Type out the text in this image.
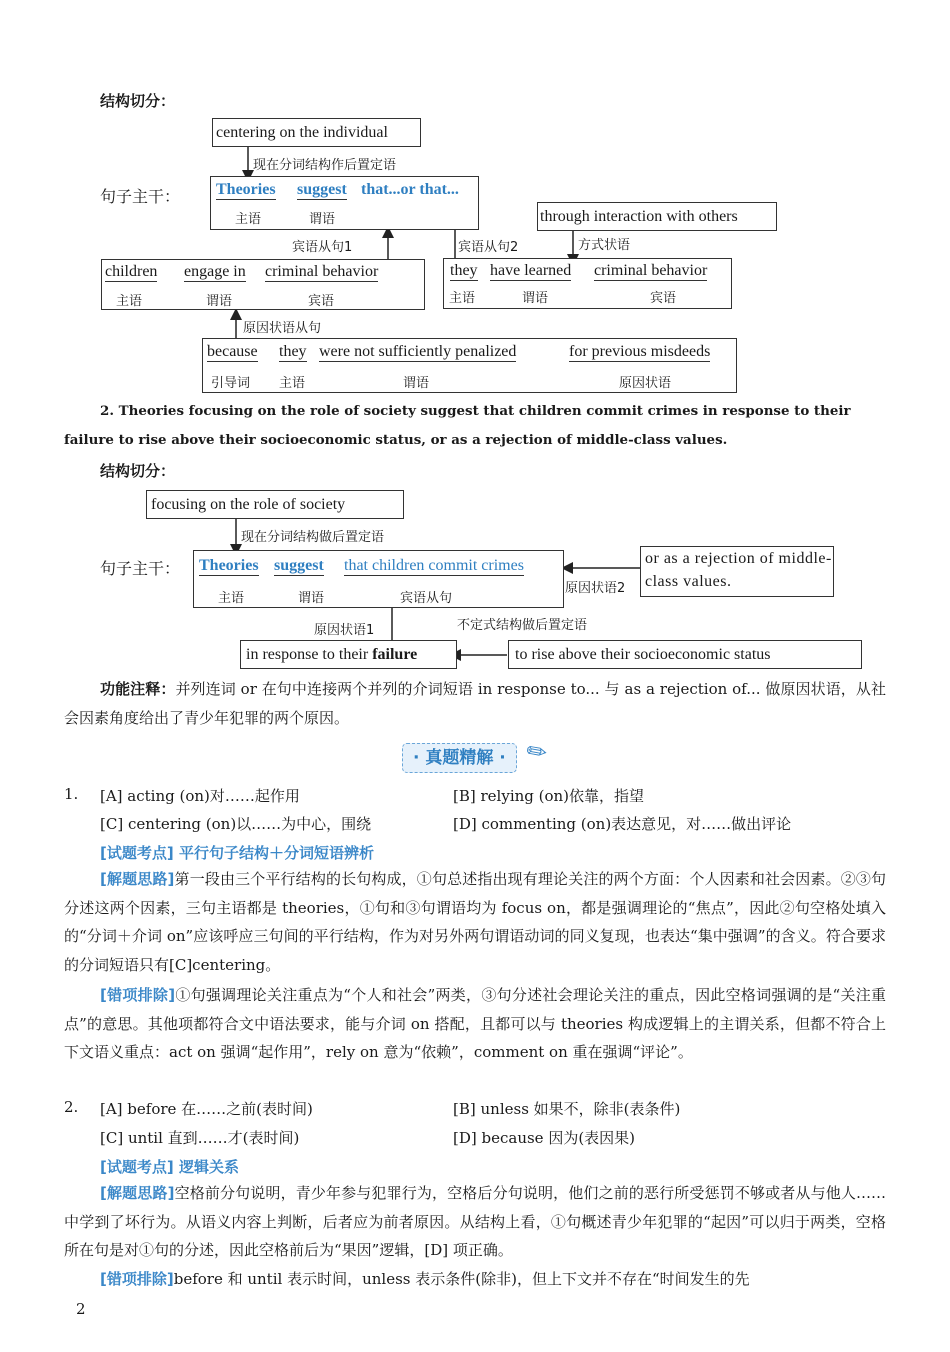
结构切分：
centering on the individual
现在分词结构作后置定语
句子主干： Theories suggest that...or that...
主语	谓语	through interaction with others
宾语从句1	宾语从句2	方式状语
children engage in criminal behavior
主语	谓语	宾语
they have learned criminal behavior
主语	谓语	宾语
原因状语从句
because they were not sufficiently penalized	for previous misdeeds
引导词 主语	谓语	原因状语
2. Theories focusing on the role of society suggest that children commit crimes in response to their
failure to rise above their socioeconomic status, or as a rejection of middle-class values.
结构切分：
focusing on the role of society
现在分词结构做后置定语
句子主干： Theories suggest that children commit crimes
主语	谓语	宾语从句
原因状语2
or as a rejection of middle-class values.
原因状语1	不定式结构做后置定语
in response to their failure	to rise above their socioeconomic status
功能注释：并列连词 or 在句中连接两个并列的介词短语 in response to... 与 as a rejection of... 做原因状语，从社会因素角度给出了青少年犯罪的两个原因。
· 真题精解 · ✎
1. [A] acting (on)对……起作用	[B] relying (on)依靠，指望
[C] centering (on)以……为中心，围绕	[D] commenting (on)表达意见，对……做出评论
[试题考点] 平行句子结构＋分词短语辨析
[解题思路]第一段由三个平行结构的长句构成，①句总述指出现有理论关注的两个方面：个人因素和社会因素。②③句分述这两个因素，三句主语都是 theories，①句和③句谓语均为 focus on，都是强调理论的“焦点”，因此②句空格处填入的“分词＋介词 on”应该呼应三句间的平行结构，作为对另外两句谓语动词的同义复现，也表达“集中强调”的含义。符合要求的分词短语只有[C]centering。
[错项排除]①句强调理论关注重点为“个人和社会”两类，③句分述社会理论关注的重点，因此空格词强调的是“关注重点”的意思。其他项都符合文中语法要求，能与介词 on 搭配，且都可以与 theories 构成逻辑上的主谓关系，但都不符合上下文语义重点：act on 强调“起作用”，rely on 意为“依赖”，comment on 重在强调“评论”。
2. [A] before 在……之前(表时间)	[B] unless 如果不，除非(表条件)
[C] until 直到……才(表时间)	[D] because 因为(表因果)
[试题考点] 逻辑关系
[解题思路]空格前分句说明，青少年参与犯罪行为，空格后分句说明，他们之前的恶行所受惩罚不够或者从与他人……中学到了坏行为。从语义内容上判断，后者应为前者原因。从结构上看，①句概述青少年犯罪的“起因”可以归于两类，空格所在句是对①句的分述，因此空格前后为“果因”逻辑，[D] 项正确。
[错项排除]before 和 until 表示时间，unless 表示条件(除非)，但上下文并不存在“时间发生的先
2
